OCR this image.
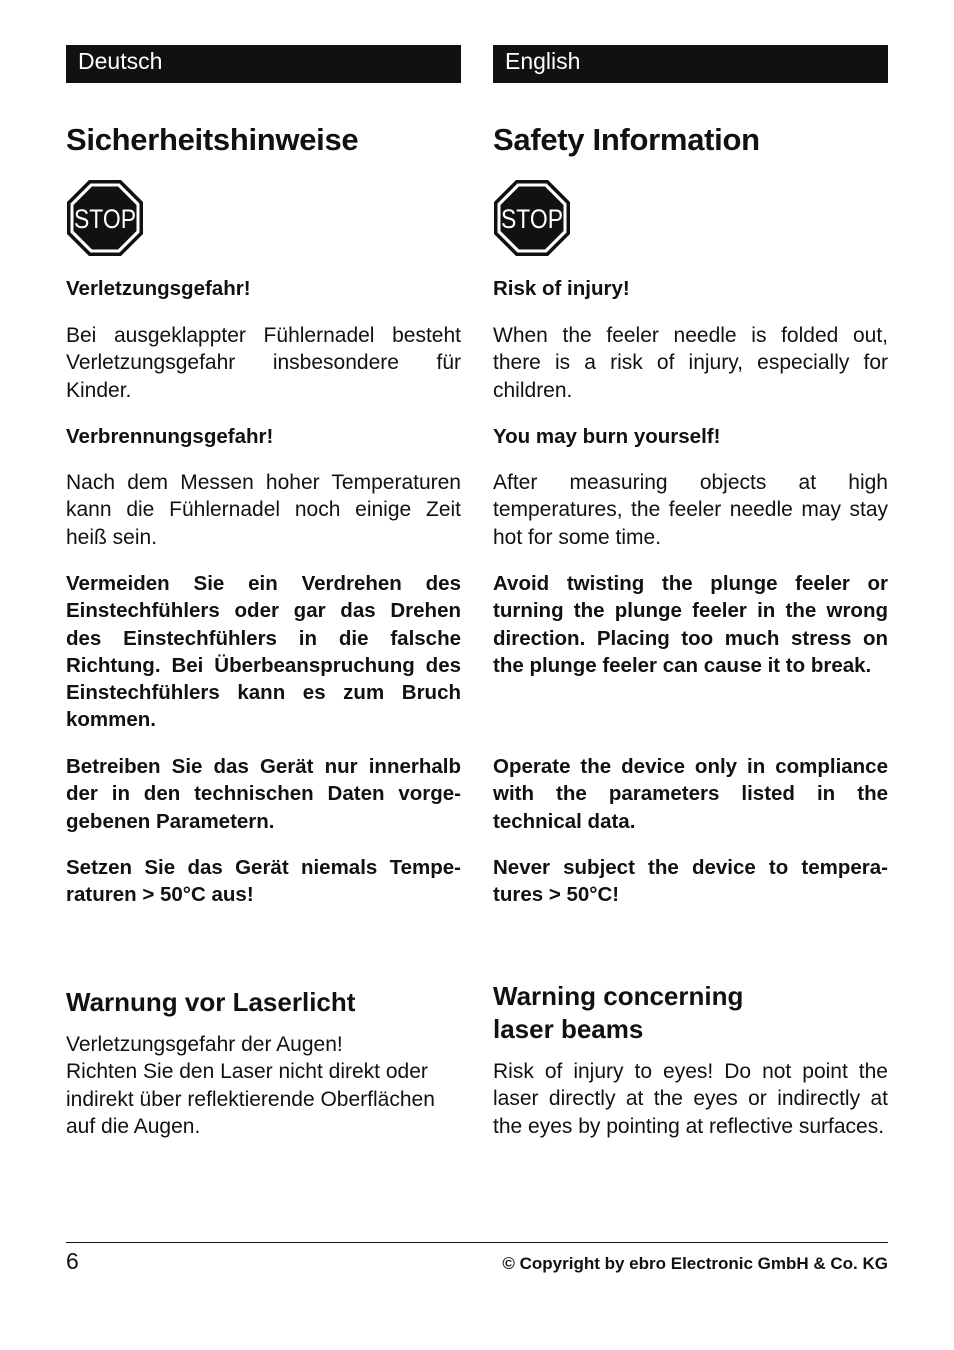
Deutsch
Sicherheitshinweise
STOP

Verletzungsgefahr!

Bei ausgeklappter Fühlernadel besteht Verletzungsgefahr insbesondere für Kinder.

Verbrennungsgefahr!

Nach dem Messen hoher Temperaturen kann die Fühlernadel noch einige Zeit heiß sein.

Vermeiden Sie ein Verdrehen des Einstechfühlers oder gar das Drehen des Einstechfühlers in die falsche Richtung. Bei Überbeanspruchung des Einstechfühlers kann es zum Bruch kommen.

Betreiben Sie das Gerät nur innerhalb der in den technischen Daten vorge-gebenen Parametern.

Setzen Sie das Gerät niemals Tempe-raturen > 50°C aus!

Warnung vor Laserlicht

Verletzungsgefahr der Augen!
Richten Sie den Laser nicht direkt oder indirekt über reflektierende Oberflächen auf die Augen.

English
Safety Information
STOP

Risk of injury!

When the feeler needle is folded out, there is a risk of injury, especially for children.

You may burn yourself!

After measuring objects at high temperatures, the feeler needle may stay hot for some time.

Avoid twisting the plunge feeler or turning the plunge feeler in the wrong direction. Placing too much stress on the plunge feeler can cause it to break.

Operate the device only in compliance with the parameters listed in the technical data.

Never subject the device to tempera-tures > 50°C!

Warning concerning
laser beams

Risk of injury to eyes! Do not point the laser directly at the eyes or indirectly at the eyes by pointing at reflective surfaces.

6	© Copyright by ebro Electronic GmbH & Co. KG
